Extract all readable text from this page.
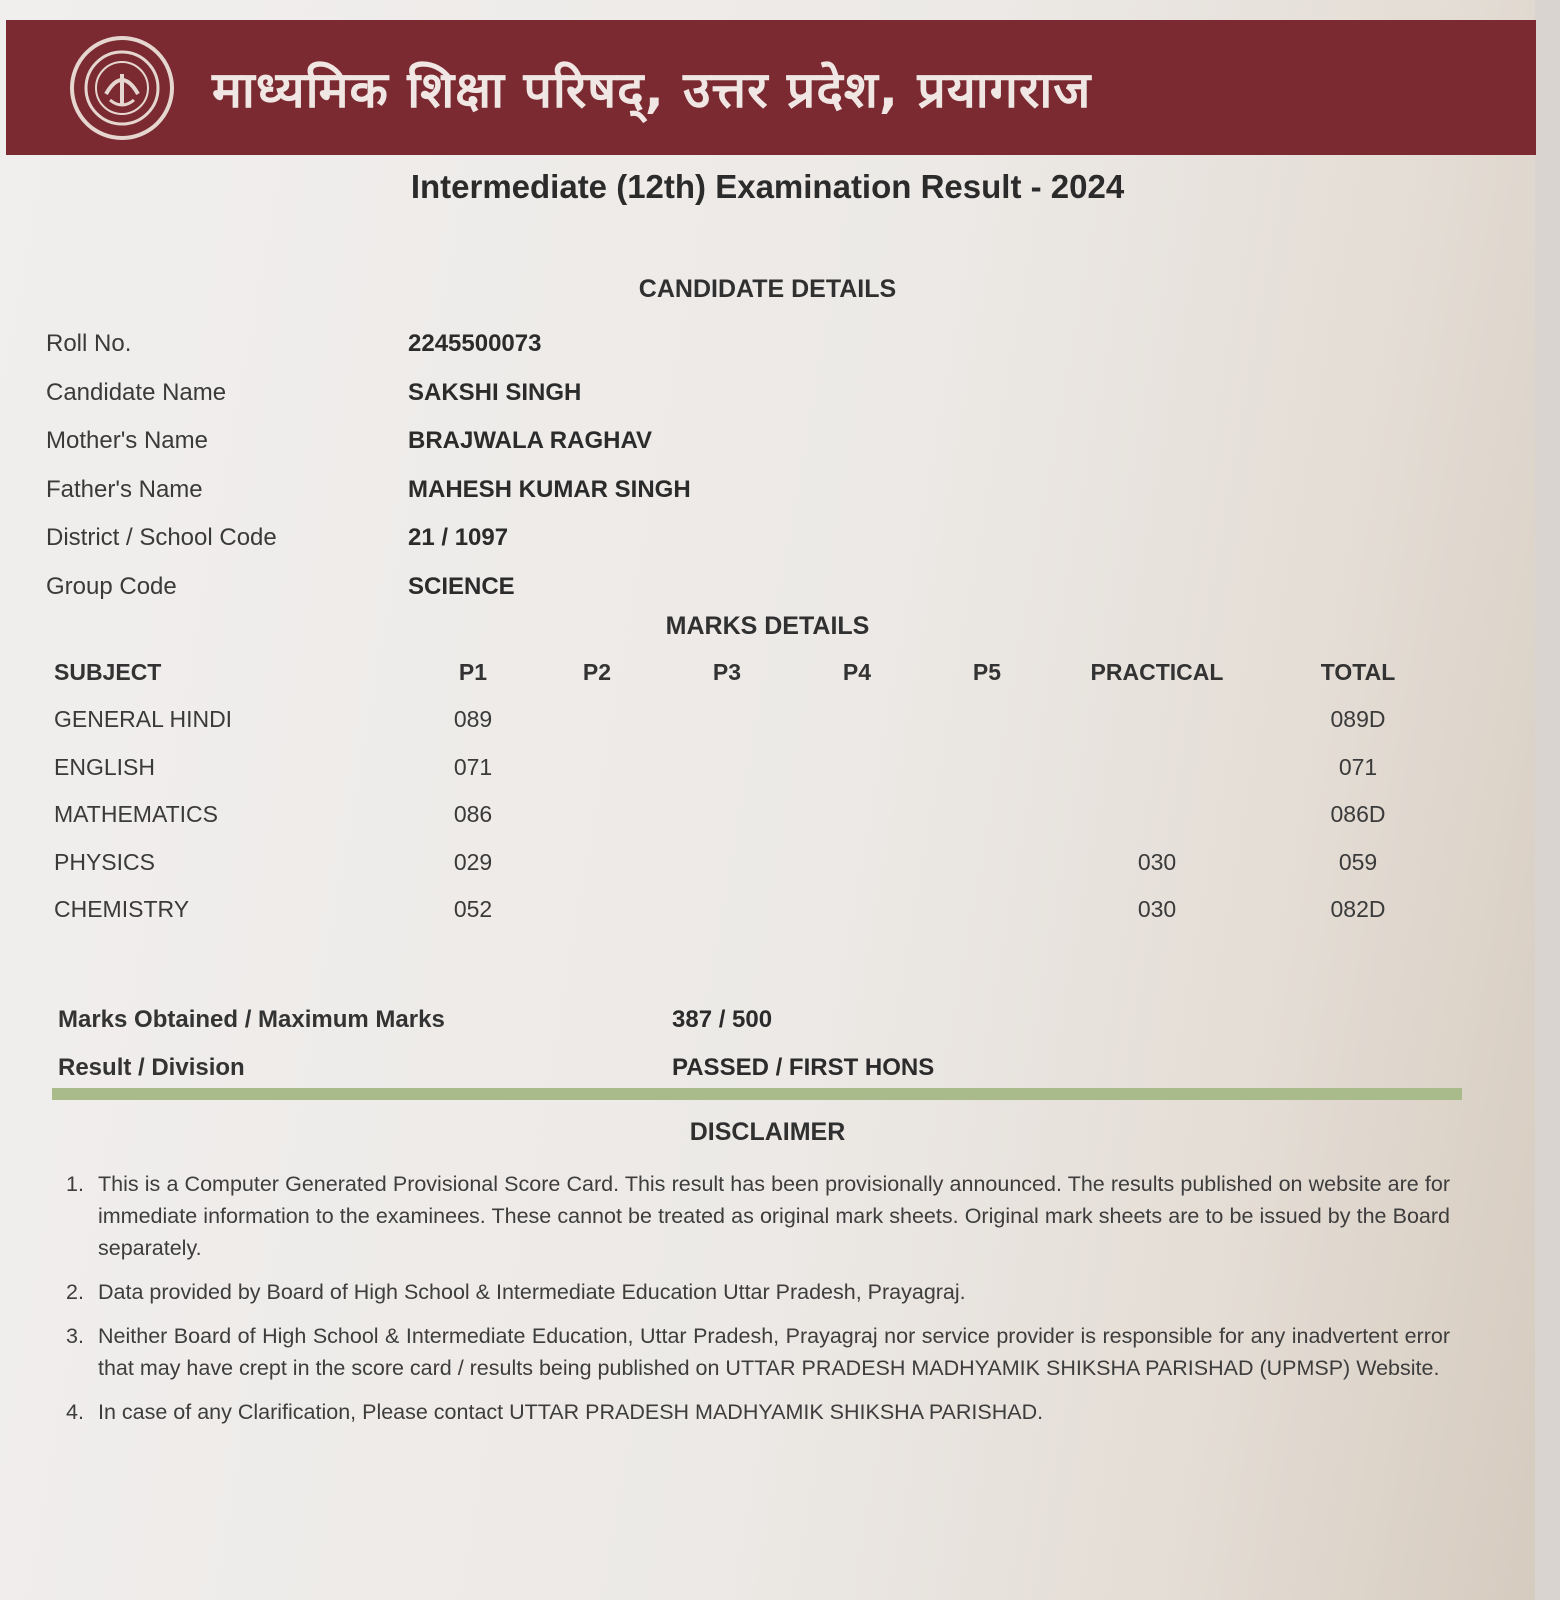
माध्यमिक शिक्षा परिषद्, उत्तर प्रदेश, प्रयागराज
Intermediate (12th) Examination Result - 2024
CANDIDATE DETAILS
Roll No.	2245500073
Candidate Name	SAKSHI SINGH
Mother's Name	BRAJWALA RAGHAV
Father's Name	MAHESH KUMAR SINGH
District / School Code	21 / 1097
Group Code	SCIENCE
MARKS DETAILS
SUBJECT	P1	P2	P3	P4	P5	PRACTICAL	TOTAL
GENERAL HINDI	089						089D
ENGLISH	071						071
MATHEMATICS	086						086D
PHYSICS	029					030	059
CHEMISTRY	052					030	082D
Marks Obtained / Maximum Marks	387 / 500
Result / Division	PASSED / FIRST HONS
DISCLAIMER
1. This is a Computer Generated Provisional Score Card. This result has been provisionally announced. The results published on website are for immediate information to the examinees. These cannot be treated as original mark sheets. Original mark sheets are to be issued by the Board separately.
2. Data provided by Board of High School & Intermediate Education Uttar Pradesh, Prayagraj.
3. Neither Board of High School & Intermediate Education, Uttar Pradesh, Prayagraj nor service provider is responsible for any inadvertent error that may have crept in the score card / results being published on UTTAR PRADESH MADHYAMIK SHIKSHA PARISHAD (UPMSP) Website.
4. In case of any Clarification, Please contact UTTAR PRADESH MADHYAMIK SHIKSHA PARISHAD.
